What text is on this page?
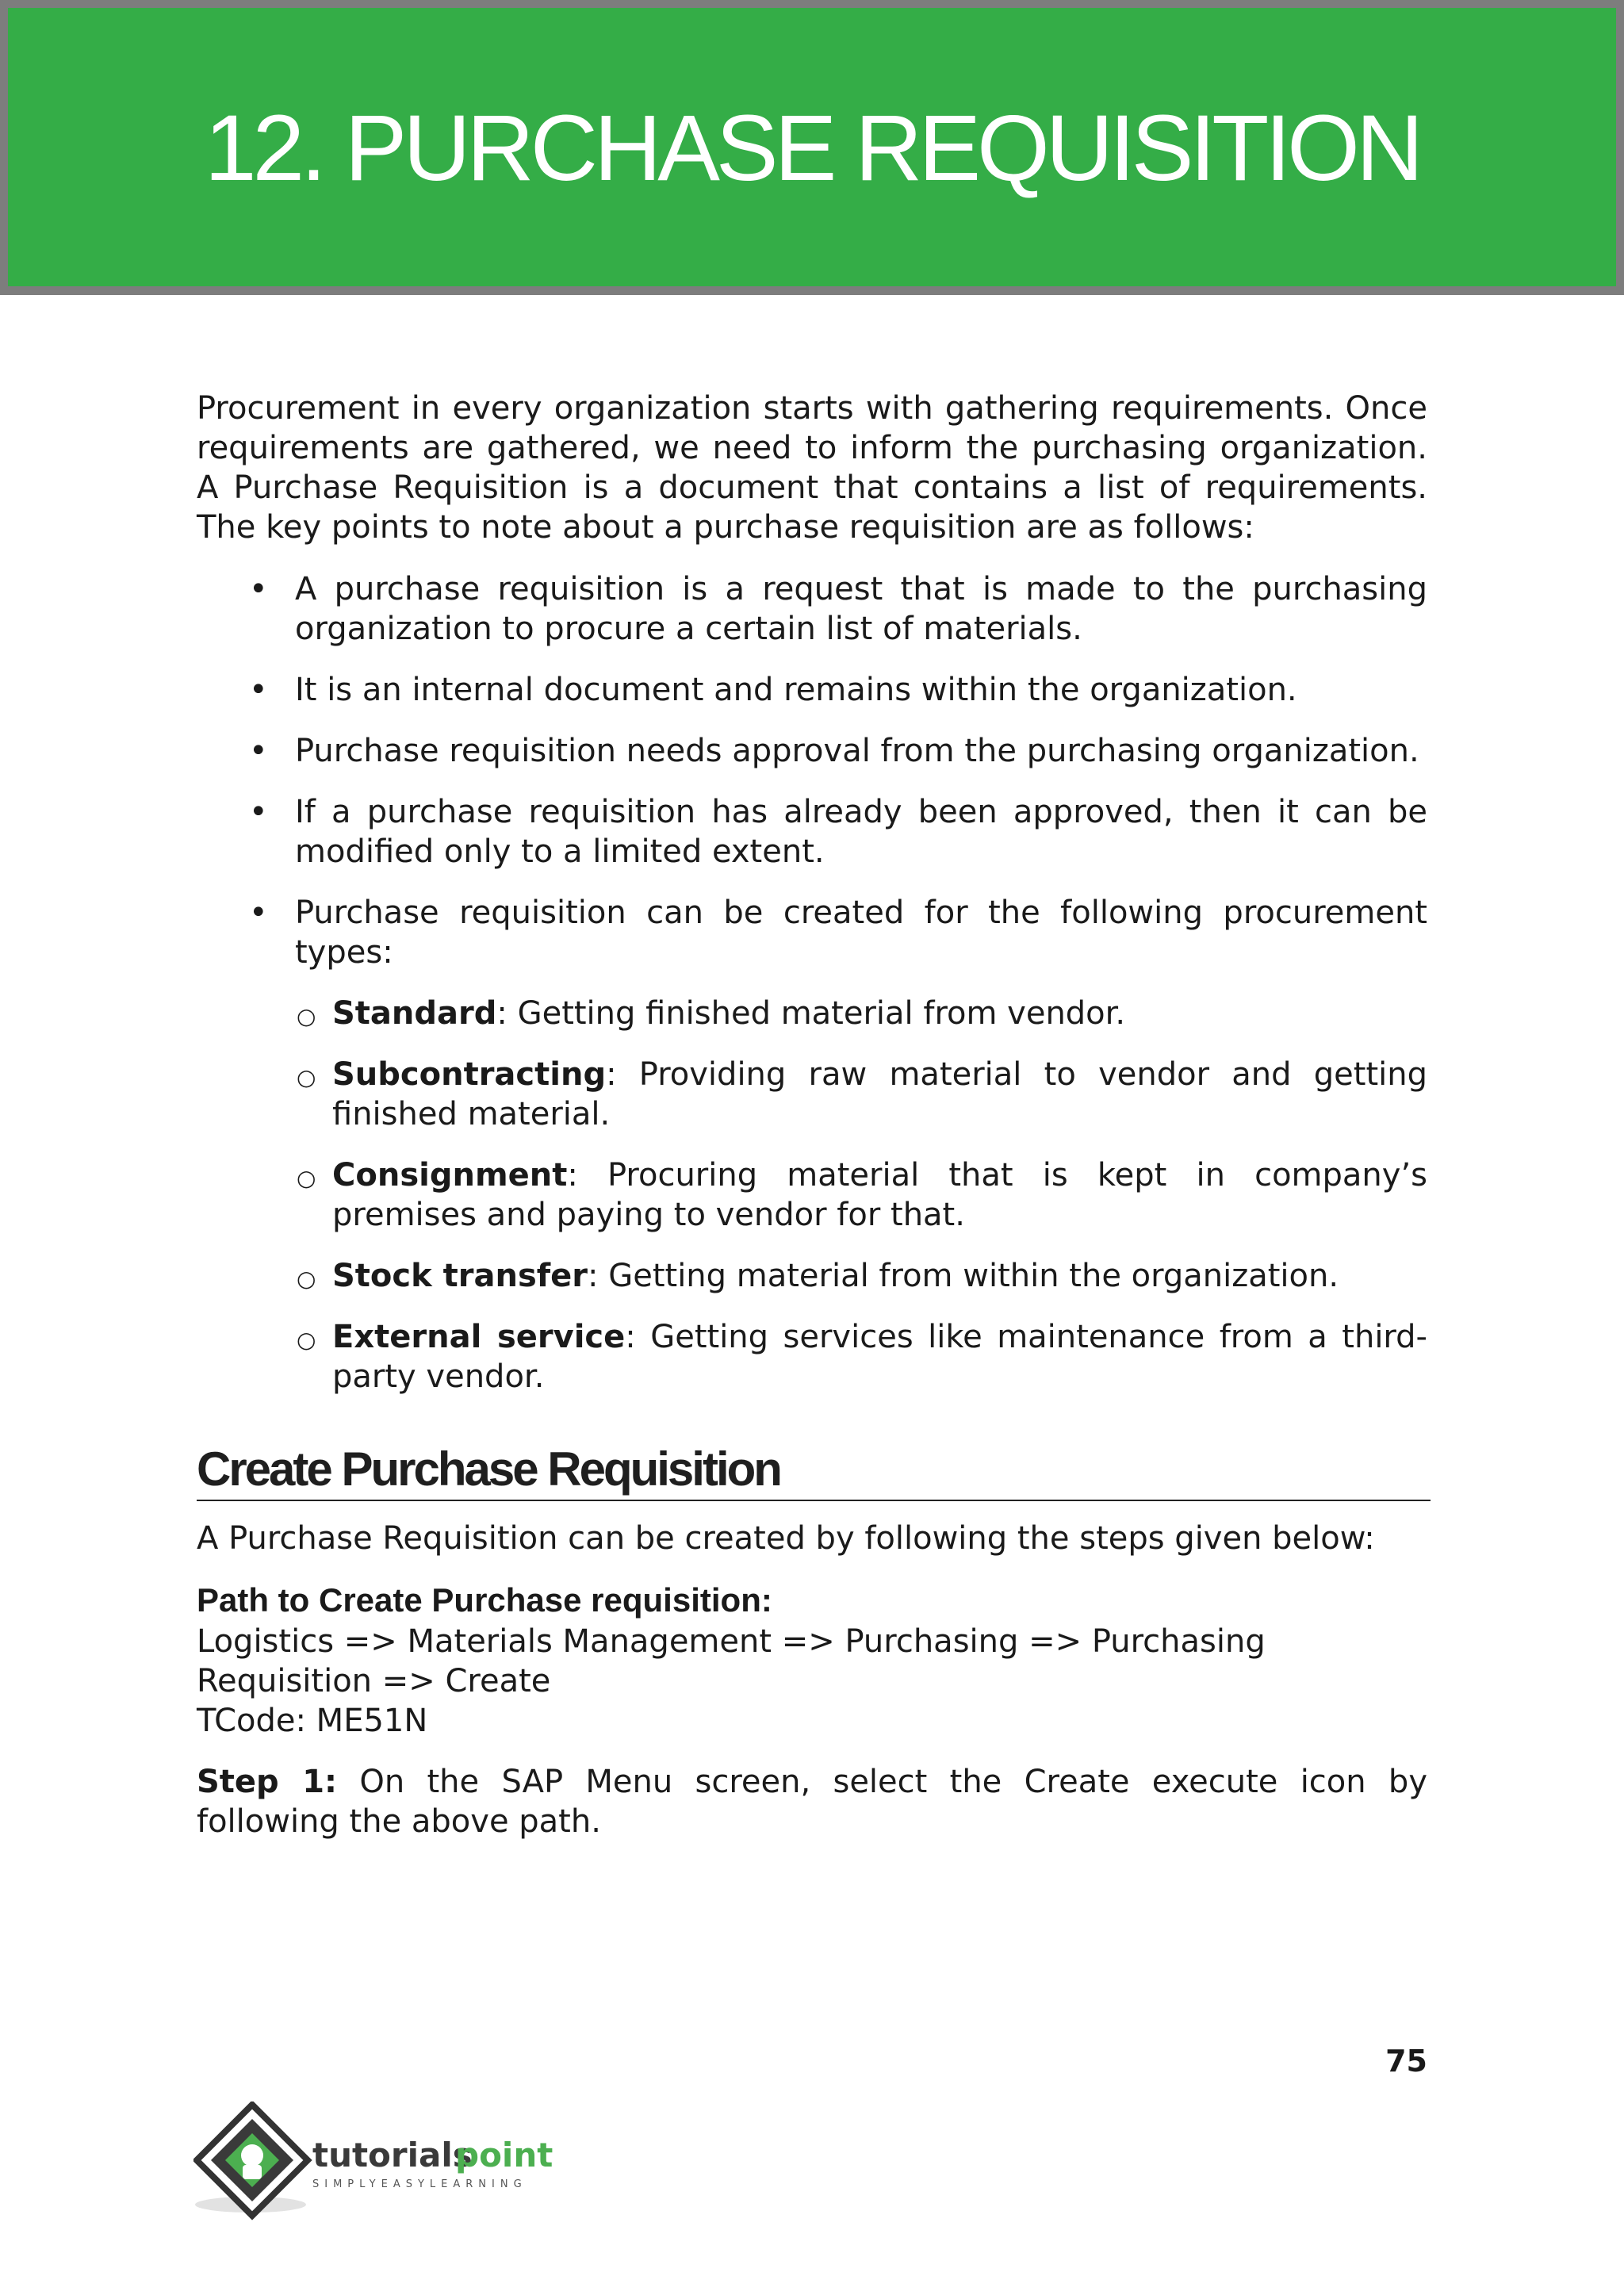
12. PURCHASE REQUISITION

Procurement in every organization starts with gathering requirements. Once requirements are gathered, we need to inform the purchasing organization. A Purchase Requisition is a document that contains a list of requirements. The key points to note about a purchase requisition are as follows:

• A purchase requisition is a request that is made to the purchasing organization to procure a certain list of materials.
• It is an internal document and remains within the organization.
• Purchase requisition needs approval from the purchasing organization.
• If a purchase requisition has already been approved, then it can be modified only to a limited extent.
• Purchase requisition can be created for the following procurement types:
○ Standard: Getting finished material from vendor.
○ Subcontracting: Providing raw material to vendor and getting finished material.
○ Consignment: Procuring material that is kept in company’s premises and paying to vendor for that.
○ Stock transfer: Getting material from within the organization.
○ External service: Getting services like maintenance from a third-party vendor.
Create Purchase Requisition

A Purchase Requisition can be created by following the steps given below:

Path to Create Purchase requisition:

Logistics => Materials Management => Purchasing => Purchasing Requisition => Create

TCode: ME51N

Step 1: On the SAP Menu screen, select the Create execute icon by following the above path.

75
tutorials
point
SIMPLYEASYLEARNING
